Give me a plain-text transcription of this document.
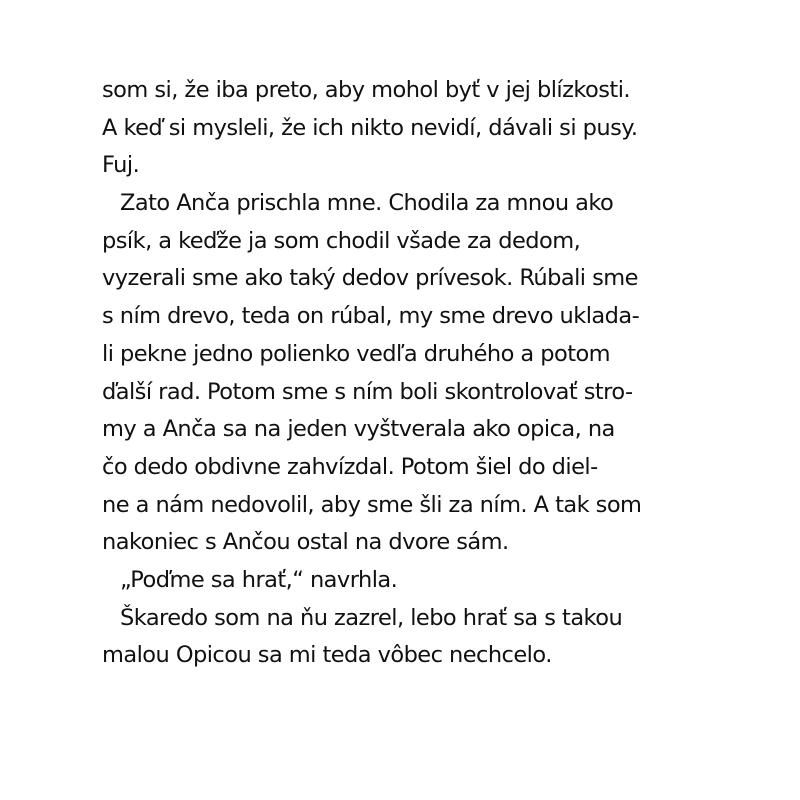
som si, že iba preto, aby mohol byť v jej blízkosti.
A keď si mysleli, že ich nikto nevidí, dávali si pusy.
Fuj.
Zato Anča prischla mne. Chodila za mnou ako
psík, a keďže ja som chodil všade za dedom,
vyzerali sme ako taký dedov prívesok. Rúbali sme
s ním drevo, teda on rúbal, my sme drevo uklada-
li pekne jedno polienko vedľa druhého a potom
ďalší rad. Potom sme s ním boli skontrolovať stro-
my a Anča sa na jeden vyštverala ako opica, na
čo dedo obdivne zahvízdal. Potom šiel do diel-
ne a nám nedovolil, aby sme šli za ním. A tak som
nakoniec s Ančou ostal na dvore sám.
„Poďme sa hrať,“ navrhla.
Škaredo som na ňu zazrel, lebo hrať sa s takou
malou Opicou sa mi teda vôbec nechcelo.
